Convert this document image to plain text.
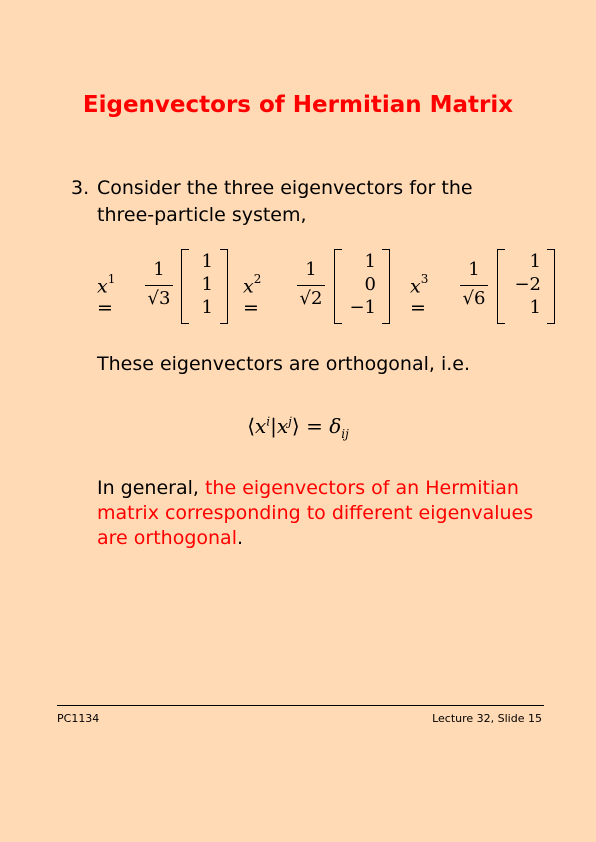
Eigenvectors of Hermitian Matrix
3. Consider the three eigenvectors for the three-particle system,
$x^1$ =
1
√3
1
1
1
$x^2$ =
1
√2
1
0
−1
$x^3$ =
1
√6
1
−2
1
These eigenvectors are orthogonal, i.e.
$⟨x^i|x^j⟩ = \delta_{ij}$
In general, the eigenvectors of an Hermitian matrix corresponding to different eigenvalues are orthogonal.
PC1134	Lecture 32, Slide 15
